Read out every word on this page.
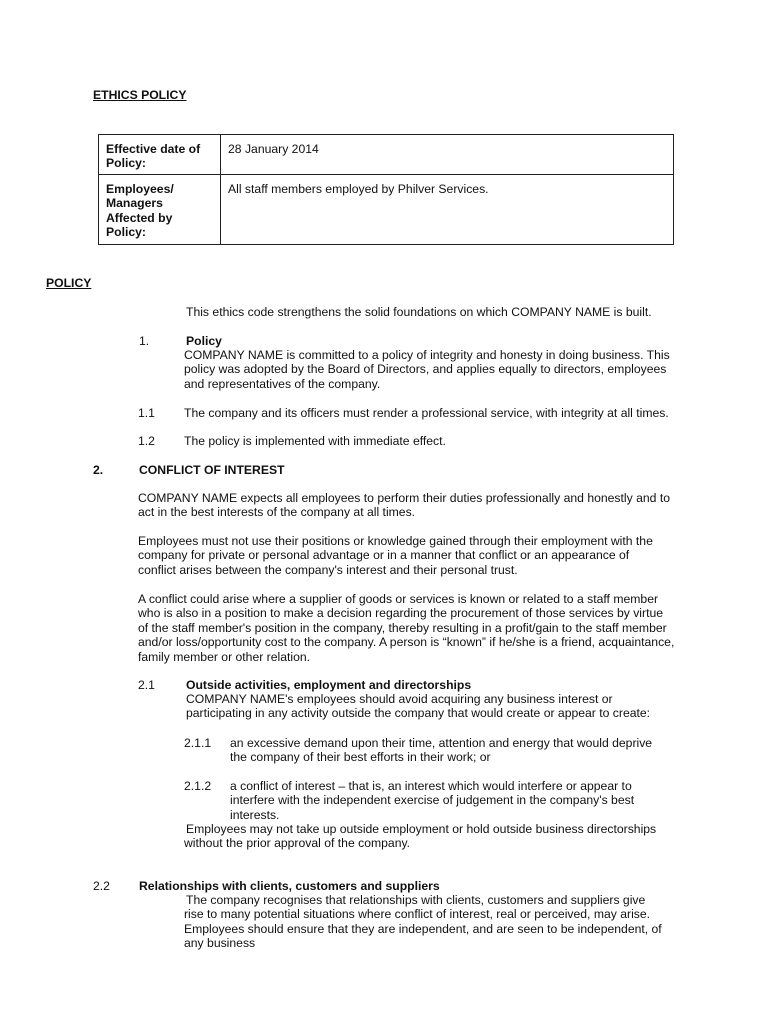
ETHICS POLICY
Effective date of Policy:	28 January 2014
Employees/ Managers Affected by Policy:	All staff members employed by Philver Services.
POLICY
This ethics code strengthens the solid foundations on which COMPANY NAME is built.
1.	Policy
COMPANY NAME is committed to a policy of integrity and honesty in doing business. This policy was adopted by the Board of Directors, and applies equally to directors, employees and representatives of the company.
1.1 The company and its officers must render a professional service, with integrity at all times.
1.2 The policy is implemented with immediate effect.
2.	CONFLICT OF INTEREST
COMPANY NAME expects all employees to perform their duties professionally and honestly and to act in the best interests of the company at all times.
Employees must not use their positions or knowledge gained through their employment with the company for private or personal advantage or in a manner that conflict or an appearance of conflict arises between the company's interest and their personal trust.
A conflict could arise where a supplier of goods or services is known or related to a staff member who is also in a position to make a decision regarding the procurement of those services by virtue of the staff member's position in the company, thereby resulting in a profit/gain to the staff member and/or loss/opportunity cost to the company. A person is “known” if he/she is a friend, acquaintance, family member or other relation.
2.1	Outside activities, employment and directorships
COMPANY NAME's employees should avoid acquiring any business interest or participating in any activity outside the company that would create or appear to create:
2.1.1 an excessive demand upon their time, attention and energy that would deprive the company of their best efforts in their work; or
2.1.2 a conflict of interest – that is, an interest which would interfere or appear to interfere with the independent exercise of judgement in the company's best interests.
Employees may not take up outside employment or hold outside business directorships without the prior approval of the company.
2.2 Relationships with clients, customers and suppliers
The company recognises that relationships with clients, customers and suppliers give rise to many potential situations where conflict of interest, real or perceived, may arise. Employees should ensure that they are independent, and are seen to be independent, of any business
